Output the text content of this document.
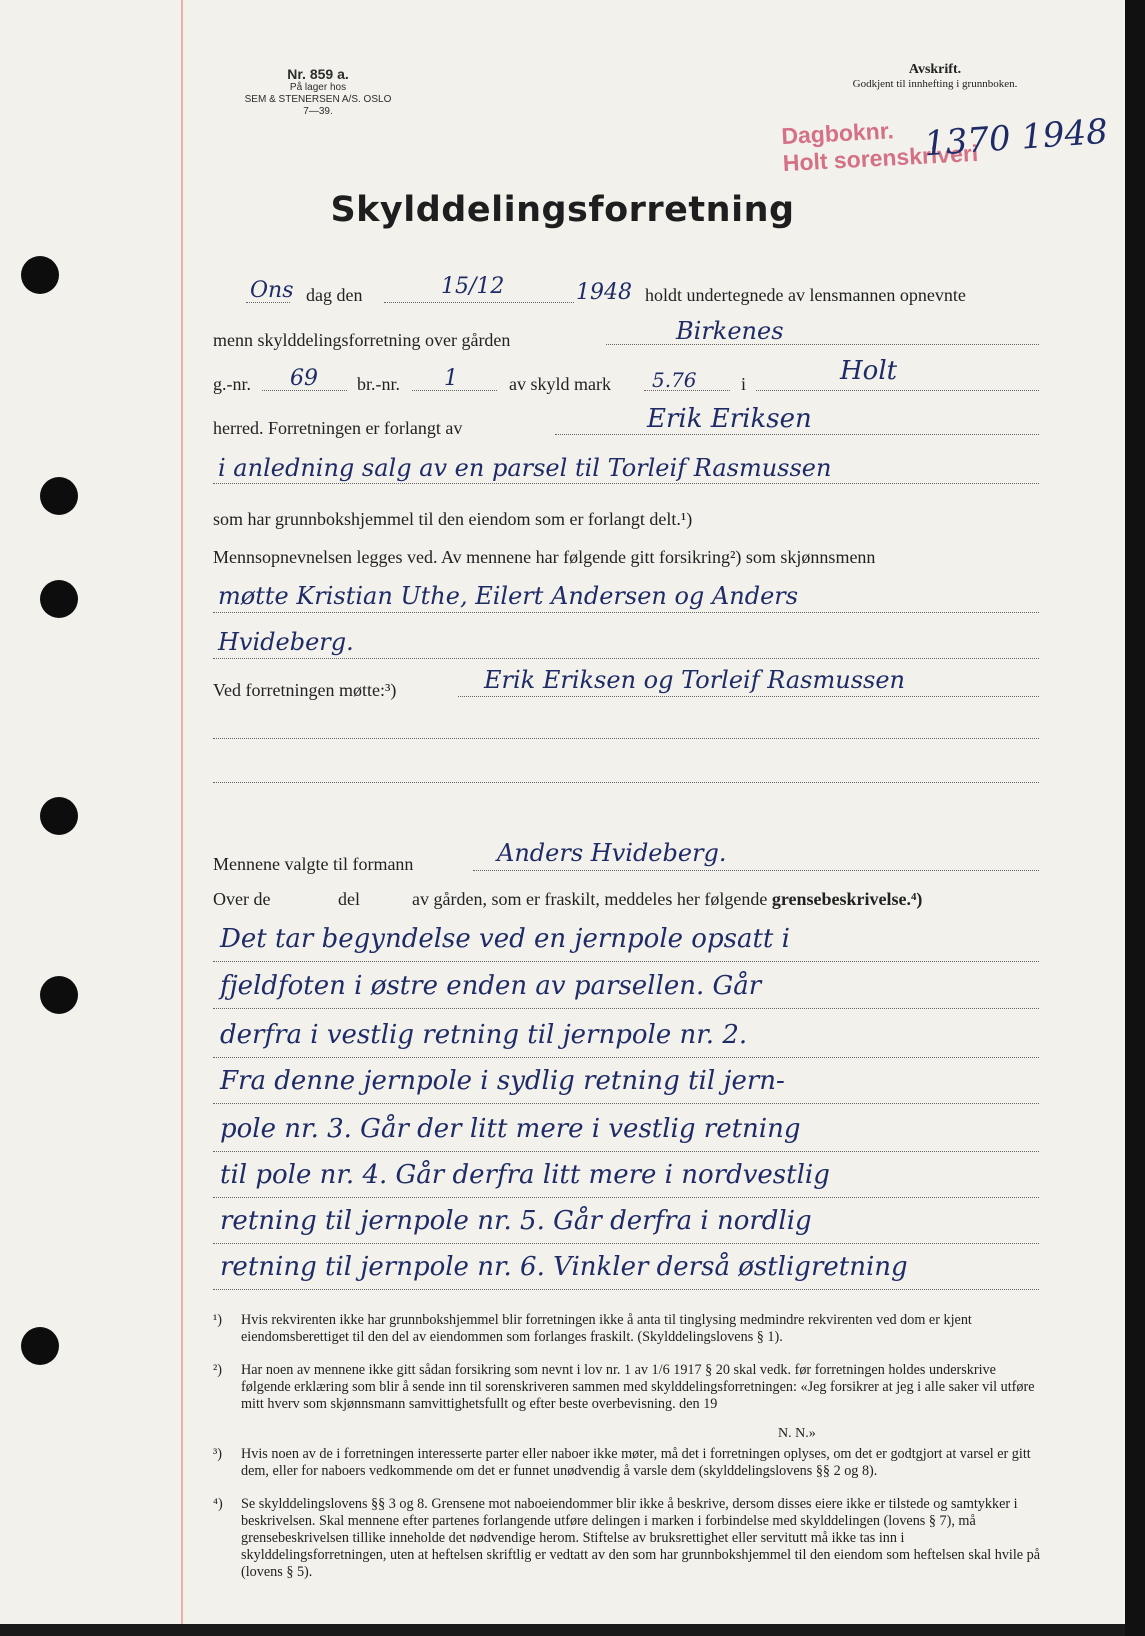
Nr. 859 a.
På lager hos
SEM & STENERSEN A/S. OSLO
7—39.
Avskrift.
Godkjent til innhefting i grunnboken.
Dagboknr.
Holt sorenskriveri
1370 1948
Skylddelingsforretning
Ons dag den	15/12	1948 holdt undertegnede av lensmannen opnevnte
menn skylddelingsforretning over gården	Birkenes
g.-nr. 69 br.-nr. 1	av skyld mark 5.76 i	Holt
herred. Forretningen er forlangt av	Erik Eriksen
i anledning salg av en parsel til Torleif Rasmussen
som har grunnbokshjemmel til den eiendom som er forlangt delt.¹)
Mennsopnevnelsen legges ved. Av mennene har følgende gitt forsikring²) som skjønnsmenn
møtte Kristian Uthe, Eilert Andersen og Anders
Hvideberg.
Ved forretningen møtte:³)	Erik Eriksen og Torleif Rasmussen
Mennene valgte til formann	Anders Hvideberg.
Over de	del	av gården, som er fraskilt, meddeles her følgende grensebeskrivelse.⁴)
Det tar begyndelse ved en jernpole opsatt i
fjeldfoten i østre enden av parsellen. Går
derfra i vestlig retning til jernpole nr. 2.
Fra denne jernpole i sydlig retning til jern-
pole nr. 3. Går der litt mere i vestlig retning
til pole nr. 4. Går derfra litt mere i nordvestlig
retning til jernpole nr. 5. Går derfra i nordlig
retning til jernpole nr. 6. Vinkler derså østligretning
¹) Hvis rekvirenten ikke har grunnbokshjemmel blir forretningen ikke å anta til tinglysing medmindre rekvirenten ved dom er kjent eiendomsberettiget til den del av eiendommen som forlanges fraskilt. (Skylddelingslovens § 1).
²) Har noen av mennene ikke gitt sådan forsikring som nevnt i lov nr. 1 av 1/6 1917 § 20 skal vedk. før forretningen holdes underskrive følgende erklæring som blir å sende inn til sorenskriveren sammen med skylddelingsforretningen: «Jeg forsikrer at jeg i alle saker vil utføre mitt hverv som skjønnsmann samvittighetsfullt og efter beste overbevisning. den 19
N. N.»
³) Hvis noen av de i forretningen interesserte parter eller naboer ikke møter, må det i forretningen oplyses, om det er godtgjort at varsel er gitt dem, eller for naboers vedkommende om det er funnet unødvendig å varsle dem (skylddelingslovens §§ 2 og 8).
⁴) Se skylddelingslovens §§ 3 og 8. Grensene mot naboeiendommer blir ikke å beskrive, dersom disses eiere ikke er tilstede og samtykker i beskrivelsen. Skal mennene efter partenes forlangende utføre delingen i marken i forbindelse med skylddelingen (lovens § 7), må grensebeskrivelsen tillike inneholde det nødvendige herom. Stiftelse av bruksrettighet eller servitutt må ikke tas inn i skylddelingsforretningen, uten at heftelsen skriftlig er vedtatt av den som har grunnbokshjemmel til den eiendom som heftelsen skal hvile på (lovens § 5).
